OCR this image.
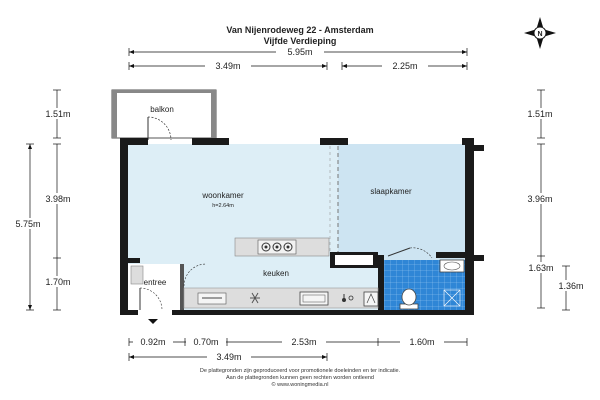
Van Nijenrodeweg 22 - Amsterdam
Vijfde Verdieping
N
5.95m
3.49m	2.25m
1.51m
3.98m
1.70m
5.75m
1.51m
3.96m
1.63m
1.36m
0.92m	0.70m	2.53m	1.60m
3.49m
balkon
woonkamer
h=2.64m
slaapkamer
keuken
entree
De plattegronden zijn geproduceerd voor promotionele doeleinden en ter indicatie.
Aan de plattegronden kunnen geen rechten worden ontleend
© www.woningmedia.nl
